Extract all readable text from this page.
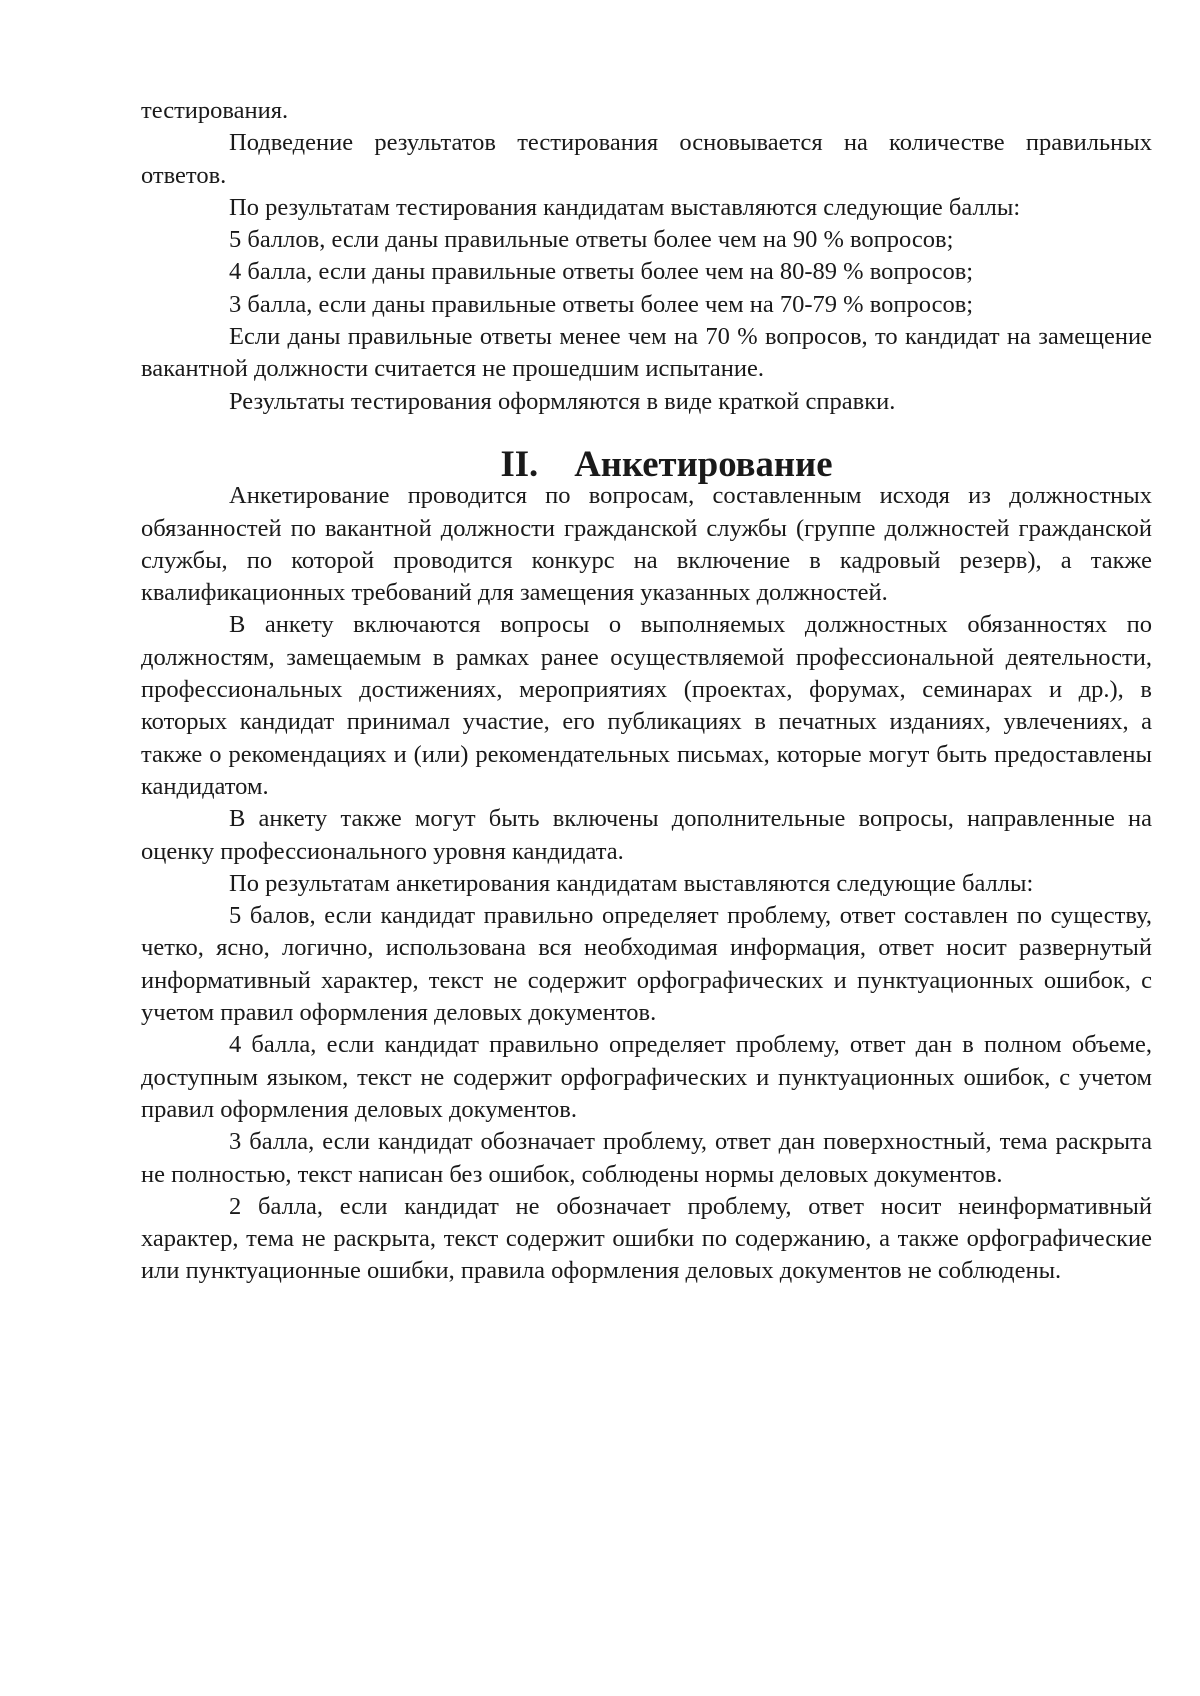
тестирования.

Подведение результатов тестирования основывается на количестве правильных ответов.

По результатам тестирования кандидатам выставляются следующие баллы:

5 баллов, если даны правильные ответы более чем на 90 % вопросов;

4 балла, если даны правильные ответы более чем на 80-89 % вопросов;

3 балла, если даны правильные ответы более чем на 70-79 % вопросов;

Если даны правильные ответы менее чем на 70 % вопросов, то кандидат на замещение вакантной должности считается не прошедшим испытание.

Результаты тестирования оформляются в виде краткой справки.

II. Анкетирование

Анкетирование проводится по вопросам, составленным исходя из должностных обязанностей по вакантной должности гражданской службы (группе должностей гражданской службы, по которой проводится конкурс на включение в кадровый резерв), а также квалификационных требований для замещения указанных должностей.

В анкету включаются вопросы о выполняемых должностных обязанностях по должностям, замещаемым в рамках ранее осуществляемой профессиональной деятельности, профессиональных достижениях, мероприятиях (проектах, форумах, семинарах и др.), в которых кандидат принимал участие, его публикациях в печатных изданиях, увлечениях, а также о рекомендациях и (или) рекомендательных письмах, которые могут быть предоставлены кандидатом.

В анкету также могут быть включены дополнительные вопросы, направленные на оценку профессионального уровня кандидата.

По результатам анкетирования кандидатам выставляются следующие баллы:

5 балов, если кандидат правильно определяет проблему, ответ составлен по существу, четко, ясно, логично, использована вся необходимая информация, ответ носит развернутый информативный характер, текст не содержит орфографических и пунктуационных ошибок, с учетом правил оформления деловых документов.

4 балла, если кандидат правильно определяет проблему, ответ дан в полном объеме, доступным языком, текст не содержит орфографических и пунктуационных ошибок, с учетом правил оформления деловых документов.

3 балла, если кандидат обозначает проблему, ответ дан поверхностный, тема раскрыта не полностью, текст написан без ошибок, соблюдены нормы деловых документов.

2 балла, если кандидат не обозначает проблему, ответ носит неинформативный характер, тема не раскрыта, текст содержит ошибки по содержанию, а также орфографические или пунктуационные ошибки, правила оформления деловых документов не соблюдены.
